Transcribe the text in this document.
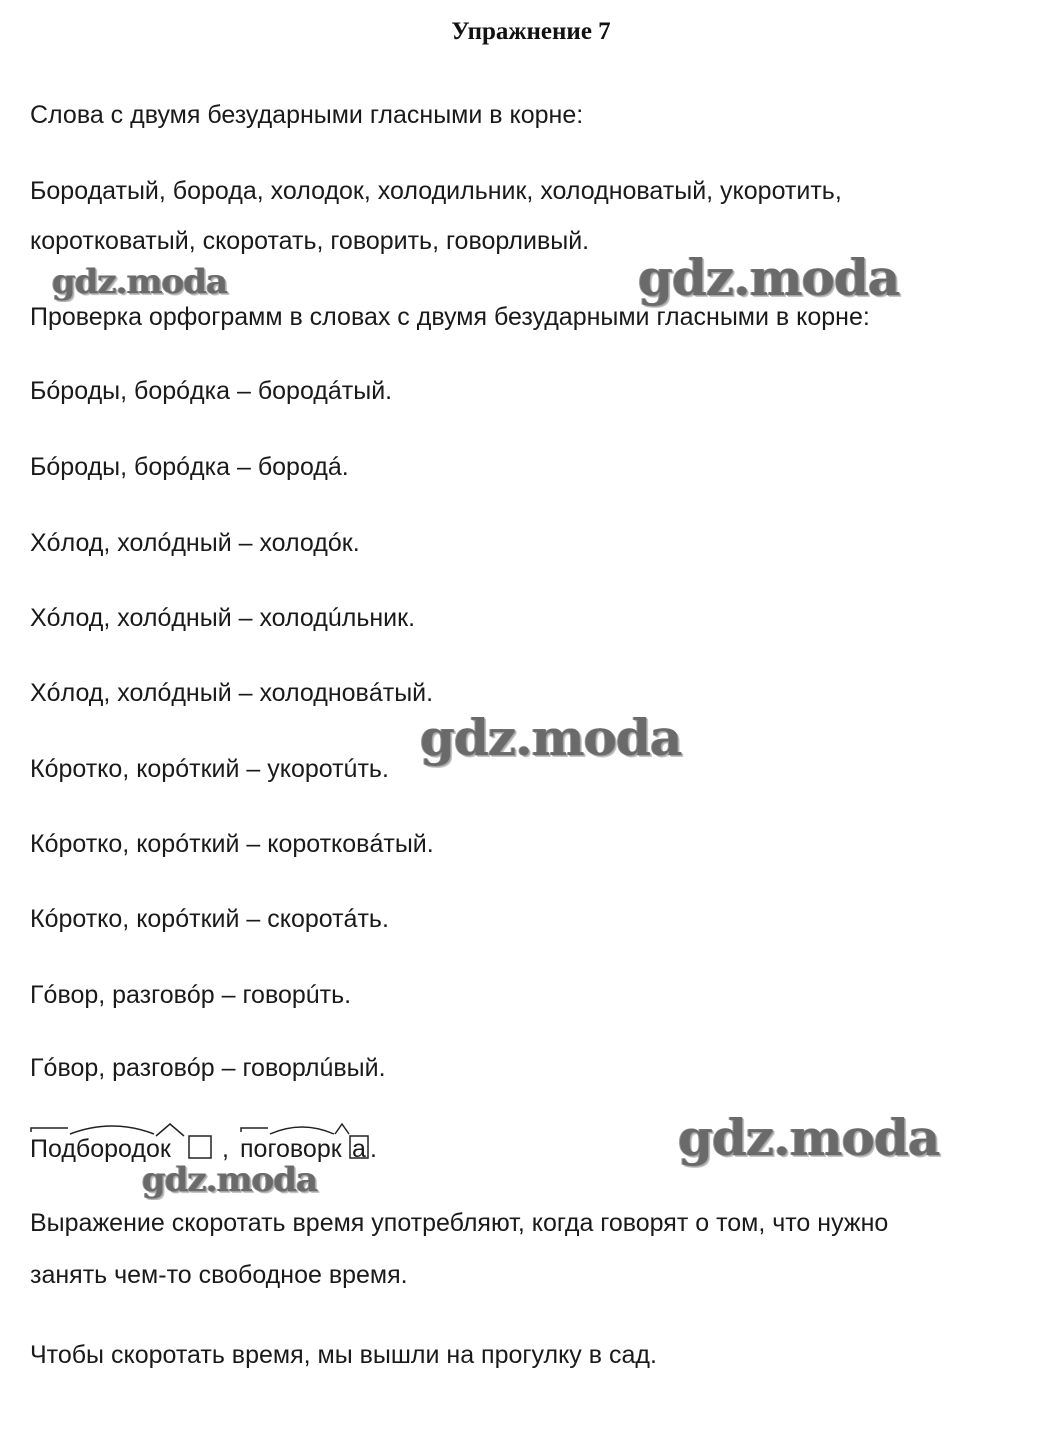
Упражнение 7
Слова с двумя безударными гласными в корне:
Бородатый, борода, холодок, холодильник, холодноватый, укоротить,
коротковатый, скоротать, говорить, говорливый.
Проверка орфограмм в словах с двумя безударными гласными в корне:
Бóроды, борóдка – бородáтый.
Бóроды, борóдка – бородá.
Хóлод, холóдный – холодóк.
Хóлод, холóдный – холодúльник.
Хóлод, холóдный – холодновáтый.
Кóротко, корóткий – укоротúть.
Кóротко, корóткий – коротковáтый.
Кóротко, корóткий – скоротáть.
Гóвор, разговóр – говорúть.
Гóвор, разговóр – говорлúвый.
Подбородок , поговорк а .
Выражение скоротать время употребляют, когда говорят о том, что нужно
занять чем-то свободное время.
Чтобы скоротать время, мы вышли на прогулку в сад.
gdz.moda	gdz.moda
gdz.moda
gdz.moda
gdz.moda
